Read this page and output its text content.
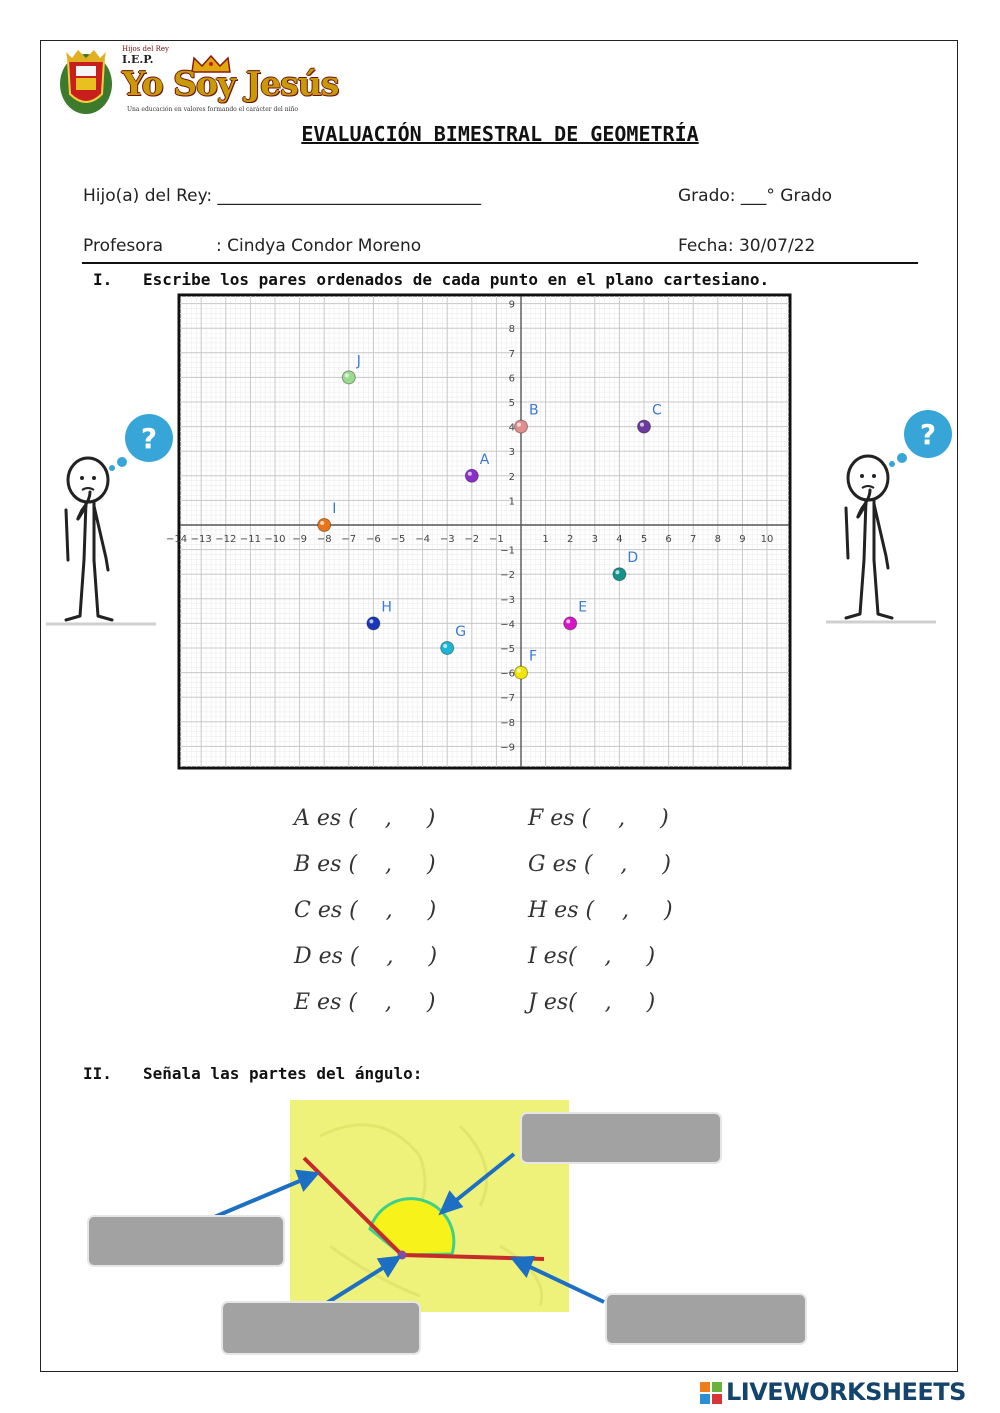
Hijos del Rey
I.E.P.
Yo Soy Jesús
Una educación en valores formando el carácter del niño
EVALUACIÓN BIMESTRAL DE GEOMETRÍA
Hijo(a) del Rey: _______________________________	Grado: ___° Grado
Profesora	: Cindya Condor Moreno	Fecha: 30/07/22
I. Escribe los pares ordenados de cada punto en el plano cartesiano.
?	?
−14 −13 −12 −11 −10 −9 −8 −7 −6 −5 −4 −3 −2 −1	1 2 3 4 5 6 7 8 9 10
9
8
7
6
5
4
3
2
1
−1
−2
−3
−4
−5
−6
−7
−8
−9
A
B	C
D
E
F
G
H
I
J
A es (    ,     )
B es (    ,     )
C es (    ,     )
D es (    ,     )
E es (    ,     )
F es (    ,     )
G es (    ,     )
H es (    ,     )
I es(    ,     )
J es(    ,     )
II. Señala las partes del ángulo:
LIVEWORKSHEETS
